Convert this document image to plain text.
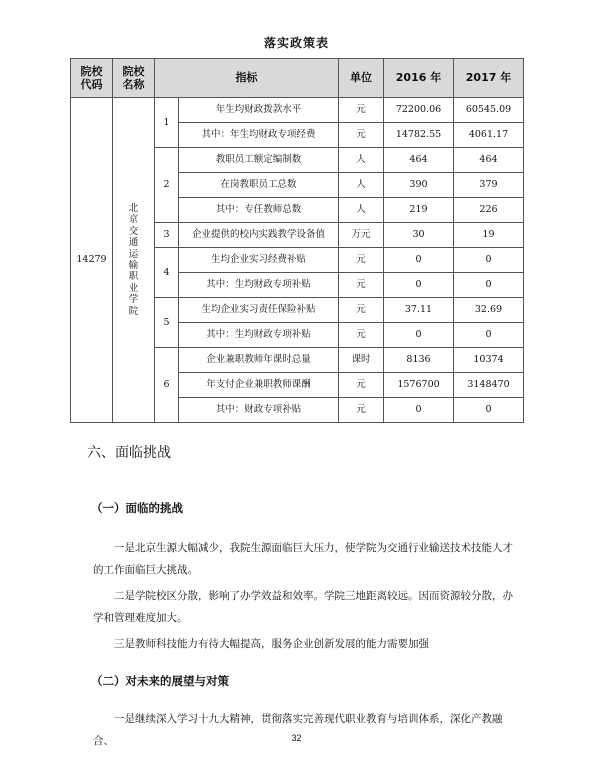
落实政策表
院校代码	院校名称	指标		单位	2016 年	2017 年
14279	北京交通运输职业学院	1	年生均财政拨款水平	元	72200.06	60545.09
			其中：年生均财政专项经费	元	14782.55	4061.17
		2	教职员工额定编制数	人	464	464
			在岗教职员工总数	人	390	379
			其中：专任教师总数	人	219	226
		3	企业提供的校内实践教学设备值	万元	30	19
		4	生均企业实习经费补贴	元	0	0
			其中：生均财政专项补贴	元	0	0
		5	生均企业实习责任保险补贴	元	37.11	32.69
			其中：生均财政专项补贴	元	0	0
		6	企业兼职教师年课时总量	课时	8136	10374
			年支付企业兼职教师课酬	元	1576700	3148470
			其中：财政专项补贴	元	0	0
六、面临挑战
（一）面临的挑战

一是北京生源大幅减少，我院生源面临巨大压力，使学院为交通行业输送技术技能人才的工作面临巨大挑战。

二是学院校区分散，影响了办学效益和效率。学院三地距离较远。因而资源较分散，办学和管理难度加大。

三是教师科技能力有待大幅提高，服务企业创新发展的能力需要加强

（二）对未来的展望与对策

一是继续深入学习十九大精神，贯彻落实完善现代职业教育与培训体系，深化产教融合、	32
